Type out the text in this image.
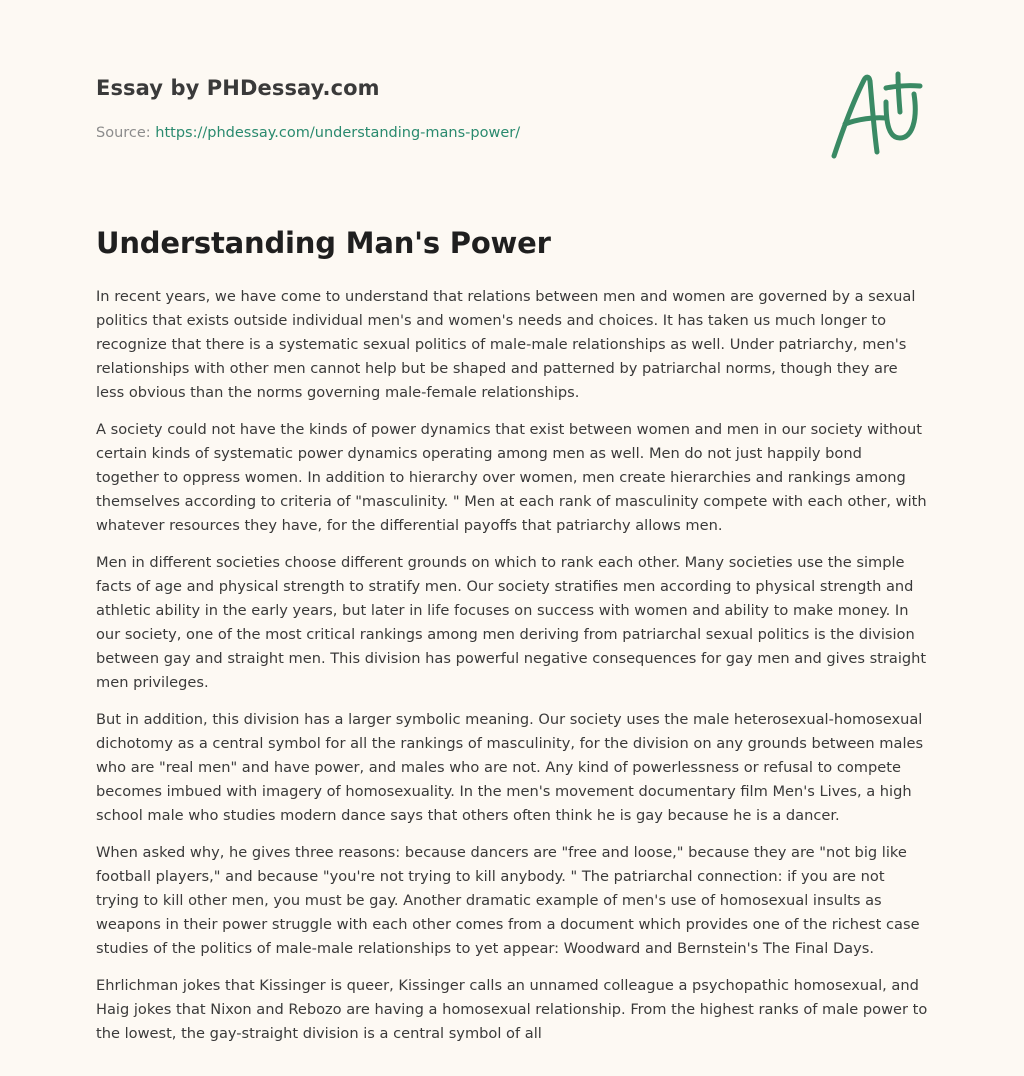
Essay by PHDessay.com
Source: https://phdessay.com/understanding-mans-power/
Understanding Man's Power

In recent years, we have come to understand that relations between men and women are governed by a sexual politics that exists outside individual men's and women's needs and choices. It has taken us much longer to recognize that there is a systematic sexual politics of male-male relationships as well. Under patriarchy, men's relationships with other men cannot help but be shaped and patterned by patriarchal norms, though they are less obvious than the norms governing male-female relationships.

A society could not have the kinds of power dynamics that exist between women and men in our society without certain kinds of systematic power dynamics operating among men as well. Men do not just happily bond together to oppress women. In addition to hierarchy over women, men create hierarchies and rankings among themselves according to criteria of "masculinity. " Men at each rank of masculinity compete with each other, with whatever resources they have, for the differential payoffs that patriarchy allows men.

Men in different societies choose different grounds on which to rank each other. Many societies use the simple facts of age and physical strength to stratify men. Our society stratifies men according to physical strength and athletic ability in the early years, but later in life focuses on success with women and ability to make money. In our society, one of the most critical rankings among men deriving from patriarchal sexual politics is the division between gay and straight men. This division has powerful negative consequences for gay men and gives straight men privileges.

But in addition, this division has a larger symbolic meaning. Our society uses the male heterosexual-homosexual dichotomy as a central symbol for all the rankings of masculinity, for the division on any grounds between males who are "real men" and have power, and males who are not. Any kind of powerlessness or refusal to compete becomes imbued with imagery of homosexuality. In the men's movement documentary film Men's Lives, a high school male who studies modern dance says that others often think he is gay because he is a dancer.

When asked why, he gives three reasons: because dancers are "free and loose," because they are "not big like football players," and because "you're not trying to kill anybody. " The patriarchal connection: if you are not trying to kill other men, you must be gay. Another dramatic example of men's use of homosexual insults as weapons in their power struggle with each other comes from a document which provides one of the richest case studies of the politics of male-male relationships to yet appear: Woodward and Bernstein's The Final Days.

Ehrlichman jokes that Kissinger is queer, Kissinger calls an unnamed colleague a psychopathic homosexual, and Haig jokes that Nixon and Rebozo are having a homosexual relationship. From the highest ranks of male power to the lowest, the gay-straight division is a central symbol of all
